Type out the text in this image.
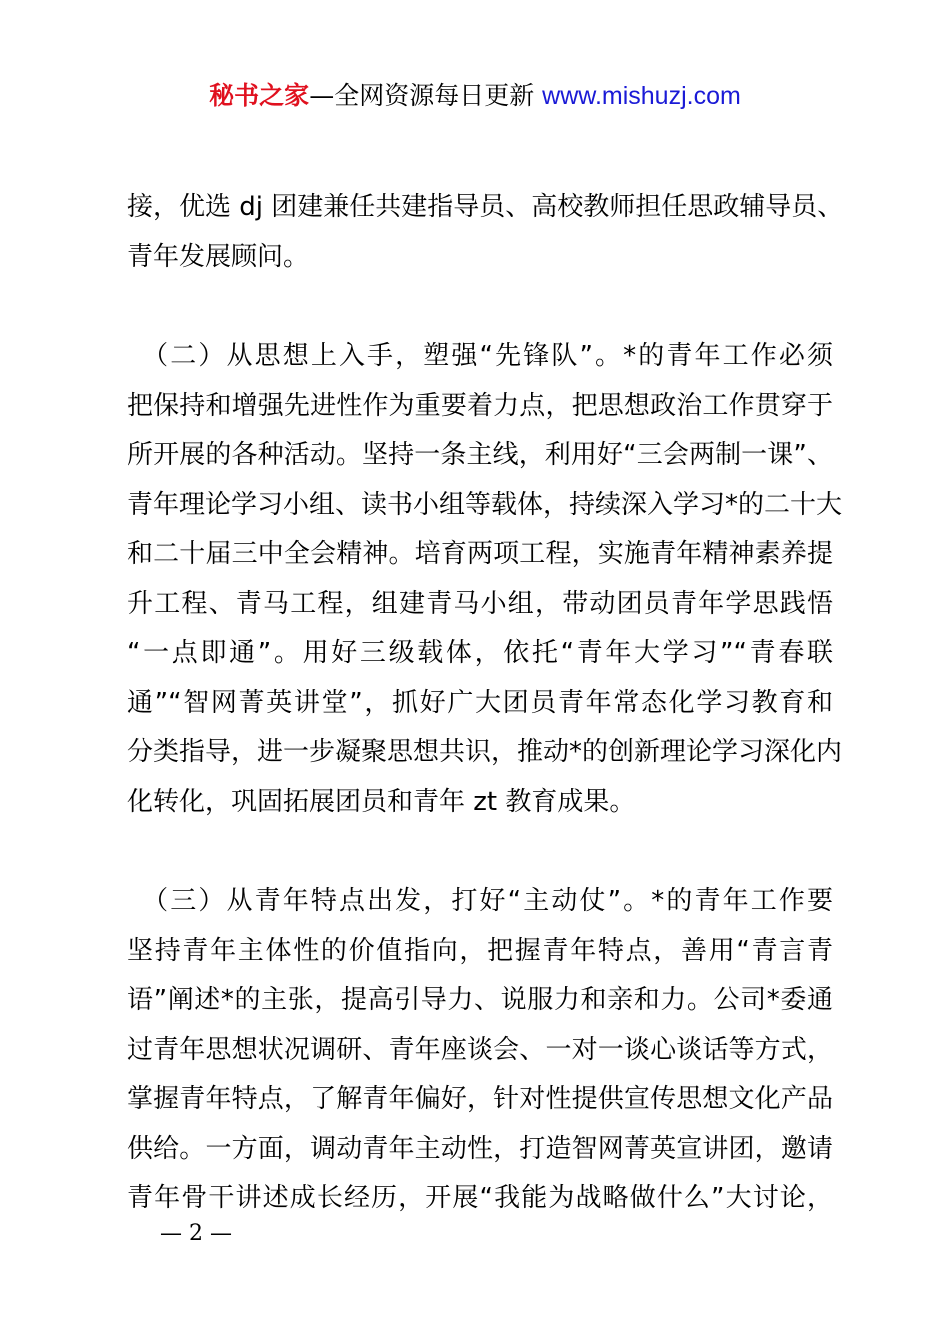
秘书之家—全网资源每日更新 www.mishuzj.com
接，优选 dj 团建兼任共建指导员、高校教师担任思政辅导员、
青年发展顾问。
　（二）从思想上入手，塑强“先锋队”。*的青年工作必须
把保持和增强先进性作为重要着力点，把思想政治工作贯穿于
所开展的各种活动。坚持一条主线，利用好“三会两制一课”、
青年理论学习小组、读书小组等载体，持续深入学习*的二十大
和二十届三中全会精神。培育两项工程，实施青年精神素养提
升工程、青马工程，组建青马小组，带动团员青年学思践悟
“一点即通”。用好三级载体，依托“青年大学习”“青春联
通”“智网菁英讲堂”，抓好广大团员青年常态化学习教育和
分类指导，进一步凝聚思想共识，推动*的创新理论学习深化内
化转化，巩固拓展团员和青年 zt 教育成果。
　（三）从青年特点出发，打好“主动仗”。*的青年工作要
坚持青年主体性的价值指向，把握青年特点，善用“青言青
语”阐述*的主张，提高引导力、说服力和亲和力。公司*委通
过青年思想状况调研、青年座谈会、一对一谈心谈话等方式，
掌握青年特点，了解青年偏好，针对性提供宣传思想文化产品
供给。一方面，调动青年主动性，打造智网菁英宣讲团，邀请
青年骨干讲述成长经历，开展“我能为战略做什么”大讨论，
— 2 —
